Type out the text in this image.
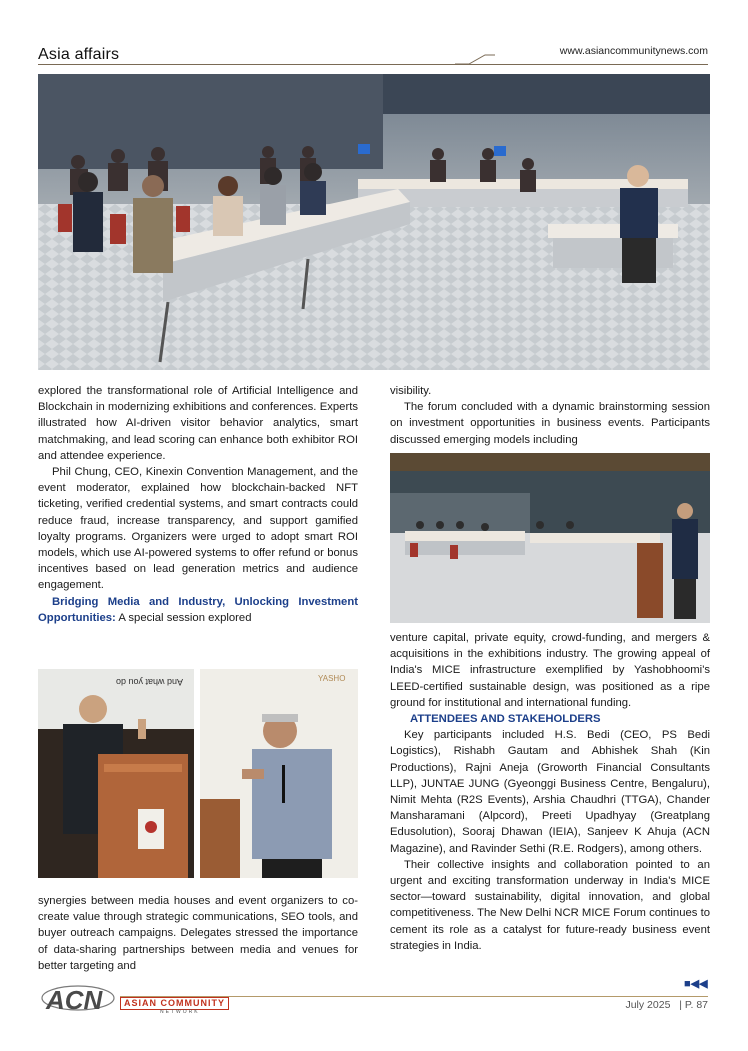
Asia affairs	www.asiancommunitynews.com

explored the transformational role of Artificial Intelligence and Blockchain in modernizing exhibitions and conferences. Experts illustrated how AI-driven visitor behavior analytics, smart matchmaking, and lead scoring can enhance both exhibitor ROI and attendee experience.

Phil Chung, CEO, Kinexin Convention Management, and the event moderator, explained how blockchain-backed NFT ticketing, verified credential systems, and smart contracts could reduce fraud, increase transparency, and support gamified loyalty programs. Organizers were urged to adopt smart ROI models, which use AI-powered systems to offer refund or bonus incentives based on lead generation metrics and audience engagement.

Bridging Media and Industry, Unlocking Investment Opportunities: A special session explored

And what you do	YASHO

synergies between media houses and event organizers to co-create value through strategic communications, SEO tools, and buyer outreach campaigns. Delegates stressed the importance of data-sharing partnerships between media and venues for better targeting and

visibility.

The forum concluded with a dynamic brainstorming session on investment opportunities in business events. Participants discussed emerging models including

venture capital, private equity, crowd-funding, and mergers & acquisitions in the exhibitions industry. The growing appeal of India's MICE infrastructure exemplified by Yashobhoomi's LEED-certified sustainable design, was positioned as a ripe ground for institutional and international funding.

ATTENDEES AND STAKEHOLDERS

Key participants included H.S. Bedi (CEO, PS Bedi Logistics), Rishabh Gautam and Abhishek Shah (Kin Productions), Rajni Aneja (Groworth Financial Consultants LLP), JUNTAE JUNG (Gyeonggi Business Centre, Bengaluru), Nimit Mehta (R2S Events), Arshia Chaudhri (TTGA), Chander Mansharamani (Alpcord), Preeti Upadhyay (Greatplang Edusolution), Sooraj Dhawan (IEIA), Sanjeev K Ahuja (ACN Magazine), and Ravinder Sethi (R.E. Rodgers), among others.

Their collective insights and collaboration pointed to an urgent and exciting transformation underway in India's MICE sector—toward sustainability, digital innovation, and global competitiveness. The New Delhi NCR MICE Forum continues to cement its role as a catalyst for future-ready business event strategies in India.

■◀◀
ACN	ASIAN COMMUNITY
NETWORK
July 2025 | P. 87
